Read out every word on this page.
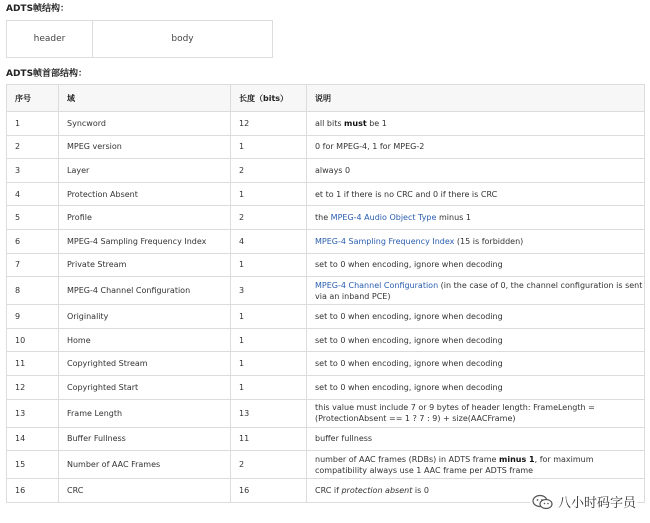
ADTS帧结构：
header	body
ADTS帧首部结构：
序号	域	长度（bits）	说明
1	Syncword	12	all bits must be 1
2	MPEG version	1	0 for MPEG-4, 1 for MPEG-2
3	Layer	2	always 0
4	Protection Absent	1	et to 1 if there is no CRC and 0 if there is CRC
5	Profile	2	the MPEG-4 Audio Object Type minus 1
6	MPEG-4 Sampling Frequency Index	4	MPEG-4 Sampling Frequency Index (15 is forbidden)
7	Private Stream	1	set to 0 when encoding, ignore when decoding
8	MPEG-4 Channel Configuration	3	MPEG-4 Channel Configuration (in the case of 0, the channel configuration is sent via an inband PCE)
9	Originality	1	set to 0 when encoding, ignore when decoding
10	Home	1	set to 0 when encoding, ignore when decoding
11	Copyrighted Stream	1	set to 0 when encoding, ignore when decoding
12	Copyrighted Start	1	set to 0 when encoding, ignore when decoding
13	Frame Length	13	this value must include 7 or 9 bytes of header length: FrameLength = (ProtectionAbsent == 1 ? 7 : 9) + size(AACFrame)
14	Buffer Fullness	11	buffer fullness
15	Number of AAC Frames	2	number of AAC frames (RDBs) in ADTS frame minus 1, for maximum compatibility always use 1 AAC frame per ADTS frame
16	CRC	16	CRC if protection absent is 0
八小时码字员
